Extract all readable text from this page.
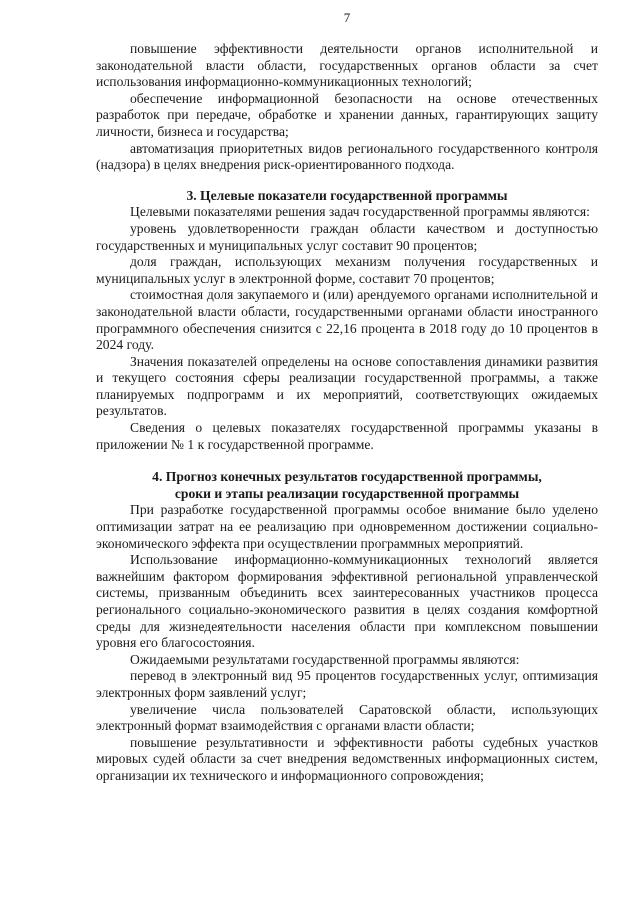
7

повышение эффективности деятельности органов исполнительной и законодательной власти области, государственных органов области за счет использования информационно-коммуникационных технологий;

обеспечение информационной безопасности на основе отечественных разработок при передаче, обработке и хранении данных, гарантирующих защиту личности, бизнеса и государства;

автоматизация приоритетных видов регионального государственного контроля (надзора) в целях внедрения риск-ориентированного подхода.

3. Целевые показатели государственной программы

Целевыми показателями решения задач государственной программы являются:

уровень удовлетворенности граждан области качеством и доступностью государственных и муниципальных услуг составит 90 процентов;

доля граждан, использующих механизм получения государственных и муниципальных услуг в электронной форме, составит 70 процентов;

стоимостная доля закупаемого и (или) арендуемого органами исполнительной и законодательной власти области, государственными органами области иностранного программного обеспечения снизится с 22,16 процента в 2018 году до 10 процентов в 2024 году.

Значения показателей определены на основе сопоставления динамики развития и текущего состояния сферы реализации государственной программы, а также планируемых подпрограмм и их мероприятий, соответствующих ожидаемых результатов.

Сведения о целевых показателях государственной программы указаны в приложении № 1 к государственной программе.

4. Прогноз конечных результатов государственной программы,
сроки и этапы реализации государственной программы

При разработке государственной программы особое внимание было уделено оптимизации затрат на ее реализацию при одновременном достижении социально-экономического эффекта при осуществлении программных мероприятий.

Использование информационно-коммуникационных технологий является важнейшим фактором формирования эффективной региональной управленческой системы, призванным объединить всех заинтересованных участников процесса регионального социально-экономического развития в целях создания комфортной среды для жизнедеятельности населения области при комплексном повышении уровня его благосостояния.

Ожидаемыми результатами государственной программы являются:

перевод в электронный вид 95 процентов государственных услуг, оптимизация электронных форм заявлений услуг;

увеличение числа пользователей Саратовской области, использующих электронный формат взаимодействия с органами власти области;

повышение результативности и эффективности работы судебных участков мировых судей области за счет внедрения ведомственных информационных систем, организации их технического и информационного сопровождения;
